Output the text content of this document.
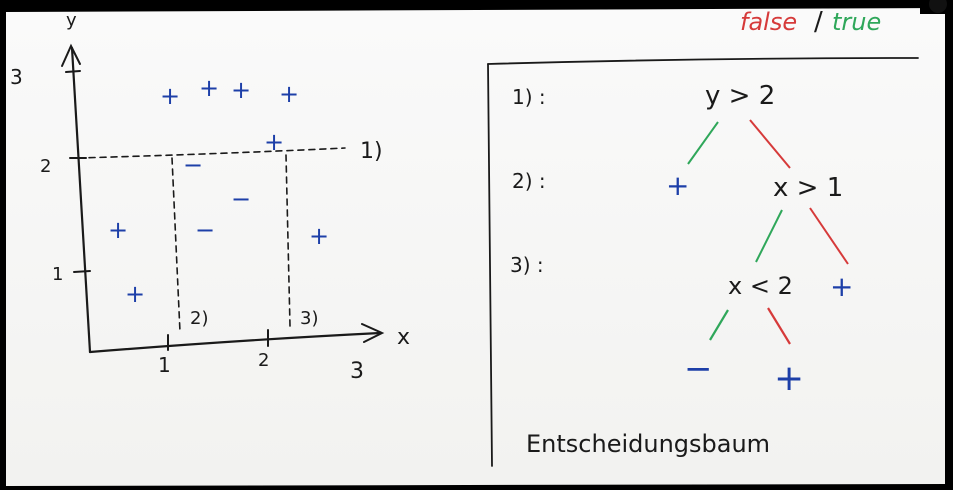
false / true
x
y
3
2
1
1	2	3
1)
2)	3)
+ + + +
+
+	+
+
−
−
−
1) :
2) :
3) :
y > 2
x > 1
x < 2
+
+
− +
Entscheidungsbaum
